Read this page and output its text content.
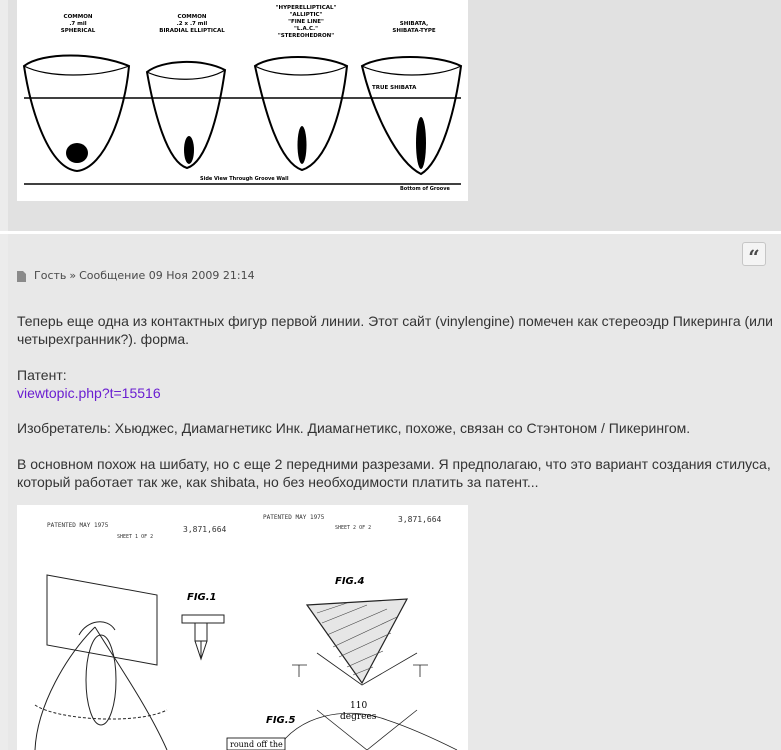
COMMON
.7 mil
SPHERICAL
COMMON
.2 x .7 mil
BIRADIAL ELLIPTICAL
"HYPERELLIPTICAL"
"ALLIPTIC"
"FINE LINE"
"L.A.C."
"STEREOHEDRON"
SHIBATA,
SHIBATA-TYPE
TRUE SHIBATA
Side View Through Groove Wall
Bottom of Groove
“
Гость » Сообщение 09 Ноя 2009 21:14

Теперь еще одна из контактных фигур первой линии. Этот сайт (vinylengine) помечен как стереоэдр Пикеринга (или четырехгранник?). форма.

Патент:

viewtopic.php?t=15516

Изобретатель: Хьюджес, Диамагнетикс Инк. Диамагнетикс, похоже, связан со Стэнтоном / Пикерингом.

В основном похож на шибату, но с еще 2 передними разрезами. Я предполагаю, что это вариант создания стилуса, который работает так же, как shibata, но без необходимости платить за патент...

PATENTED MAY 1975	3,871,664
SHEET 1 OF 2
PATENTED MAY 1975	3,871,664
SHEET 2 OF 2
FIG.1
FIG.4
FIG.5
110
degrees
round off the
